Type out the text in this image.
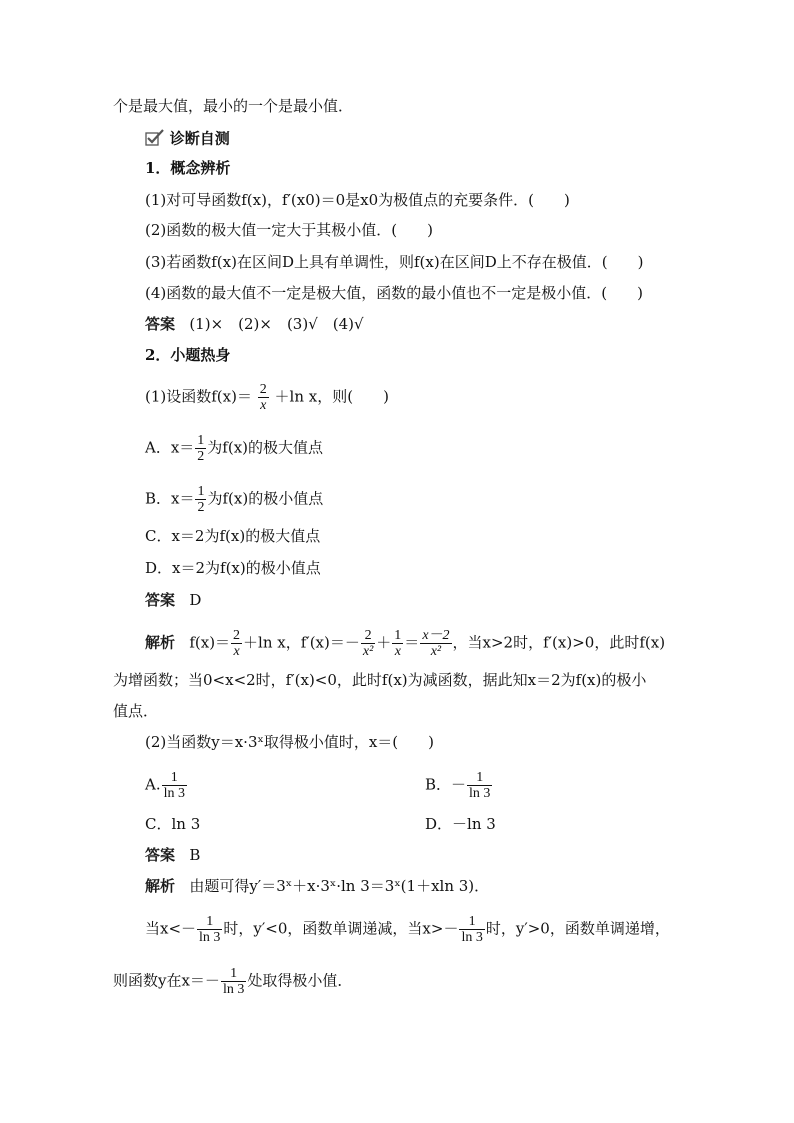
个是最大值，最小的一个是最小值．
诊断自测
1．概念辨析
(1)对可导函数f(x)，f′(x0)＝0是x0为极值点的充要条件．(　　)
(2)函数的极大值一定大于其极小值．(　　)
(3)若函数f(x)在区间D上具有单调性，则f(x)在区间D上不存在极值．(　　)
(4)函数的最大值不一定是极大值，函数的最小值也不一定是极小值．(　　)
答案 (1)×　(2)×　(3)√　(4)√
2．小题热身
(1)设函数$f(x)= \frac{2}{x} +\ln$ x，则(　　)
A．$x= \frac{1}{2}$ 为f(x)的极大值点
B．$x= \frac{1}{2}$ 为f(x)的极小值点
C．x＝2为f(x)的极大值点
D．x＝2为f(x)的极小值点
答案 D
解析 $f(x)= \frac{2}{x} +\ln$ x，$f'(x)=- \frac{2}{\text{x²}} + \frac{1}{x} = \frac{x-2}{\text{x²}}$ ，当x>2时，f′(x)>0，此时f(x)
为增函数；当0<x<2时，f′(x)<0，此时f(x)为减函数，据此知x＝2为f(x)的极小
值点．
(2)当函数y＝x·3ˣ取得极小值时，x＝(　　)
A. $\frac{1}{\ln 3}$	B．－ $\frac{1}{\ln 3}$
C．ln 3	D．－ln 3
答案 B
解析 由题可得y′＝3ˣ＋x·3ˣ·ln 3＝3ˣ(1＋xln 3)．
当$x<- \frac{1}{\ln 3}$ 时，y′<0，函数单调递减，当$x>- \frac{1}{\ln 3}$ 时，y′>0，函数单调递增，
则函数y在$x=- \frac{1}{\ln 3}$ 处取得极小值．
